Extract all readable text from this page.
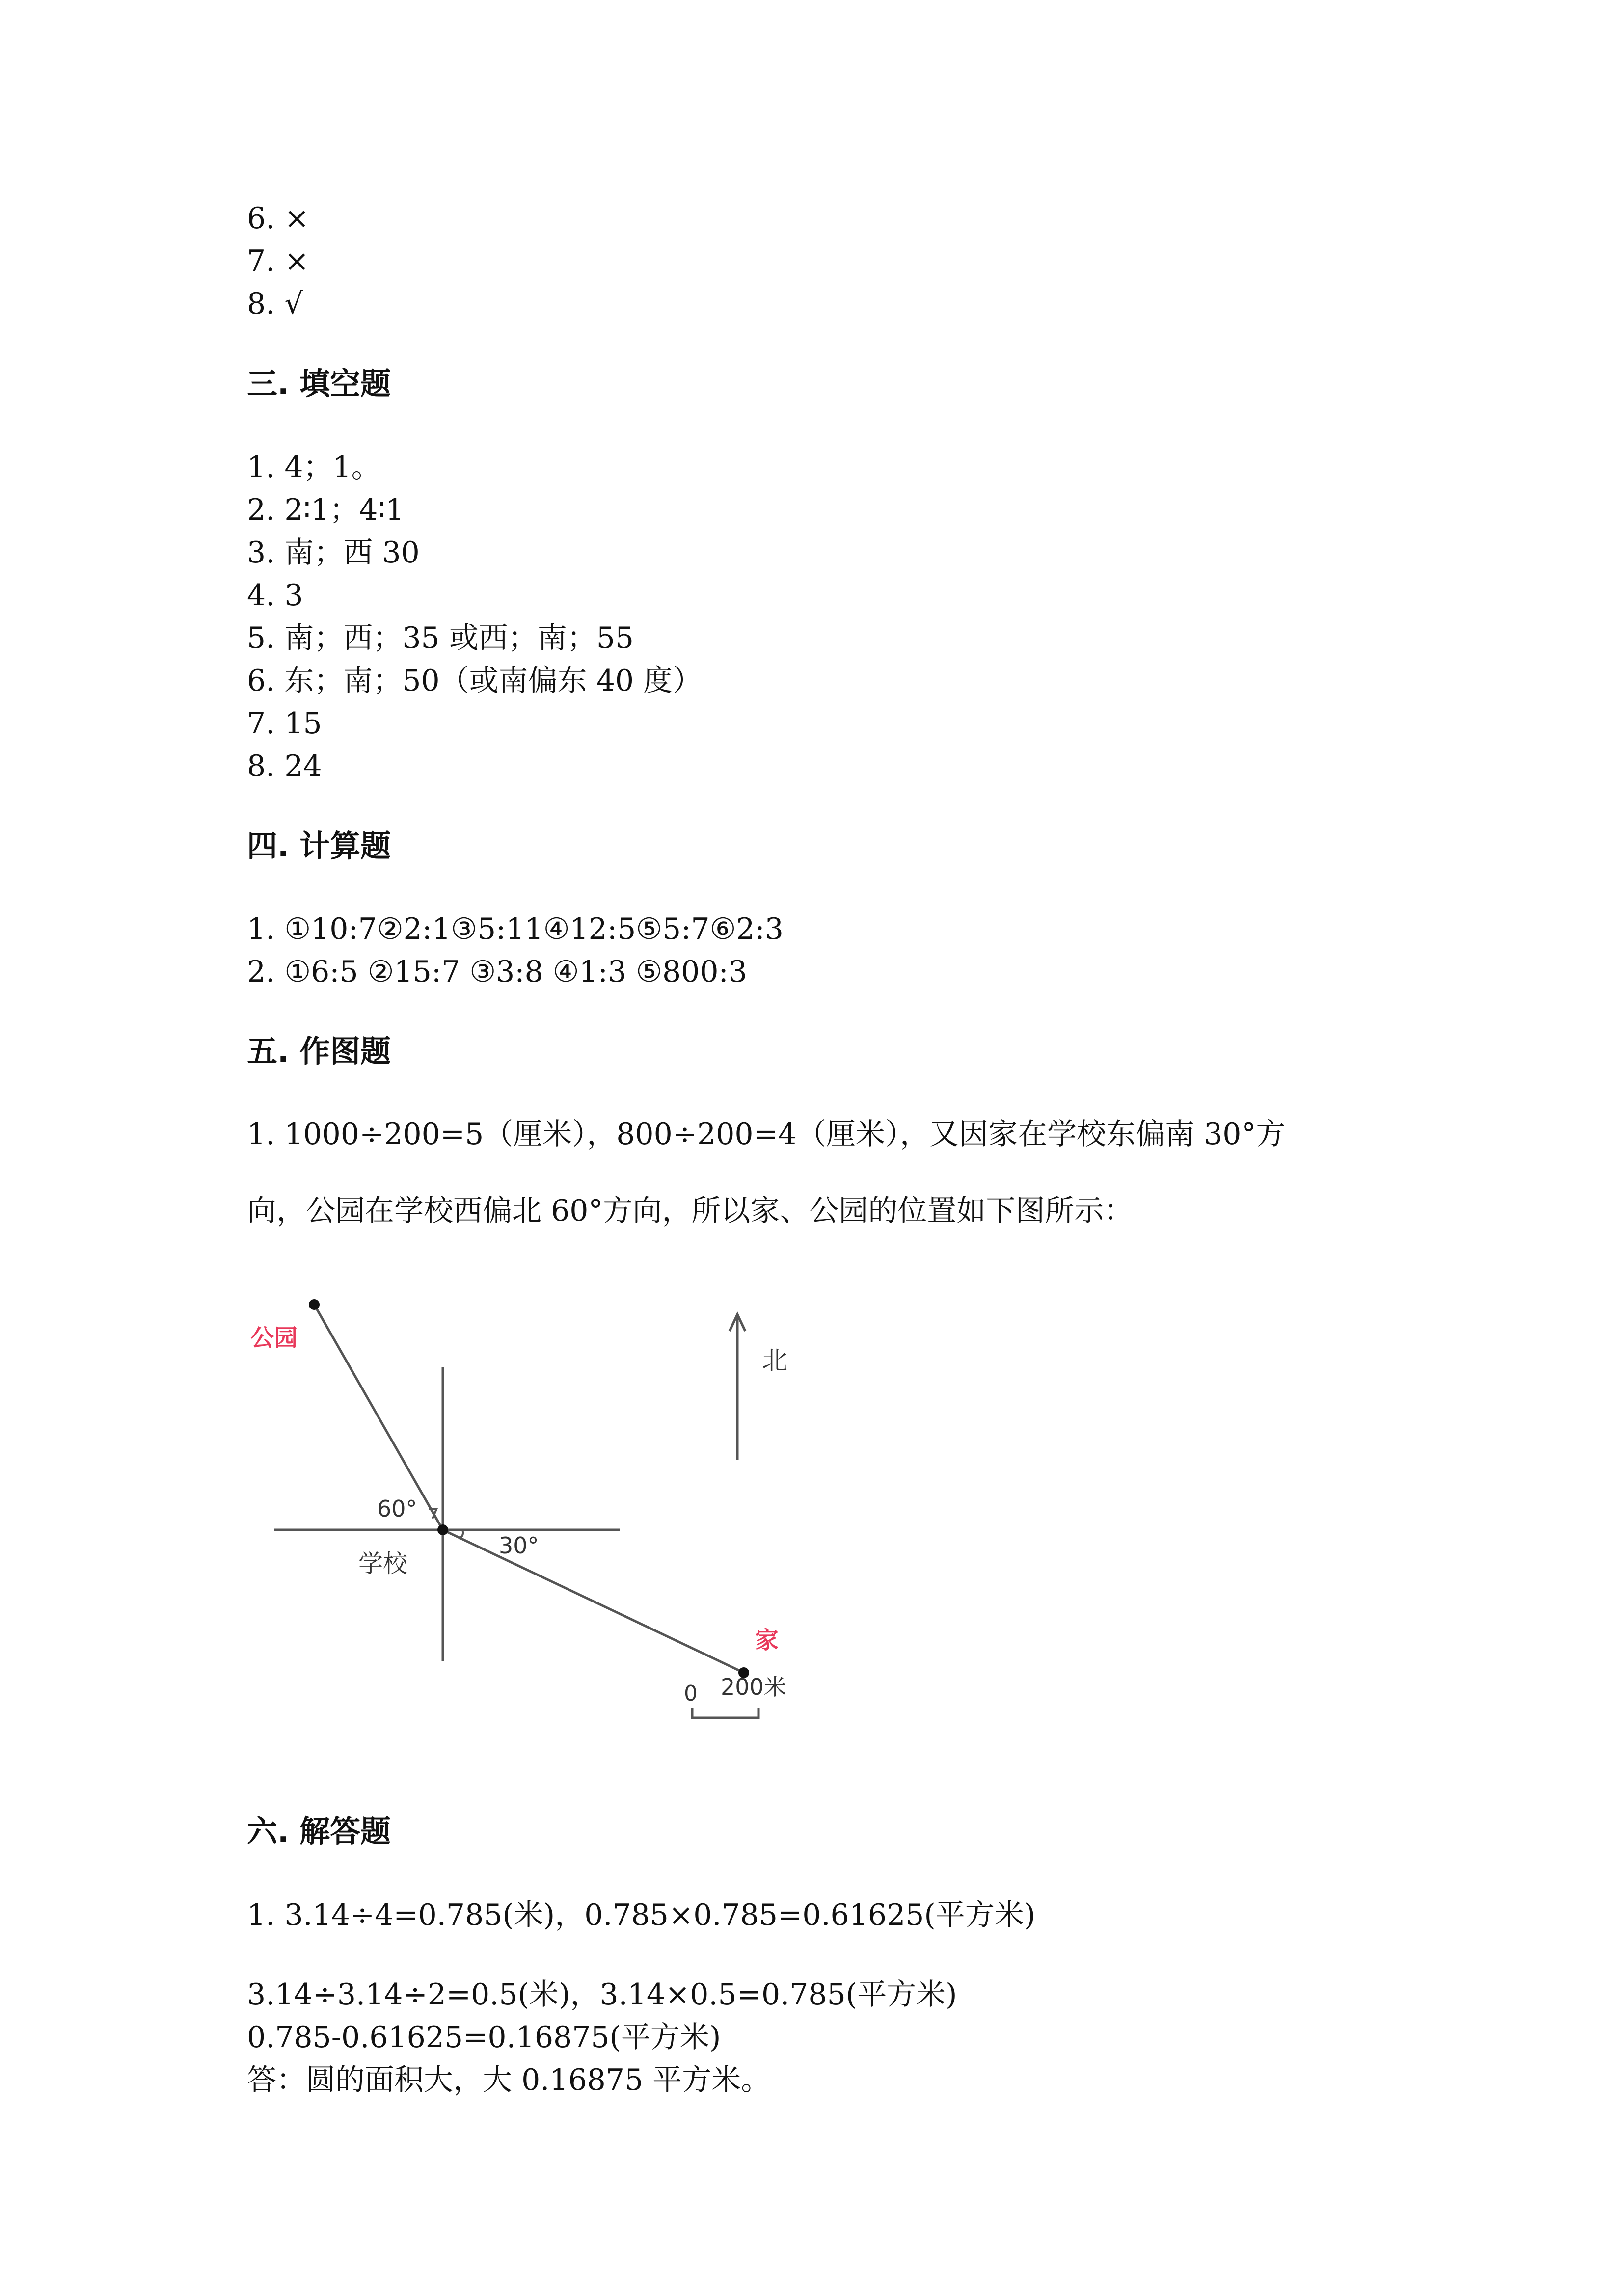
6. ×
7. ×
8. √
三. 填空题
1. 4；1。
2. 2∶1；4∶1
3. 南；西 30
4. 3
5. 南；西；35 或西；南；55
6. 东；南；50（或南偏东 40 度）
7. 15
8. 24
四. 计算题
1. ①10:7②2:1③5:11④12:5⑤5:7⑥2:3
2. ①6:5 ②15:7 ③3:8 ④1:3 ⑤800:3
五. 作图题
1. 1000÷200=5（厘米），800÷200=4（厘米），又因家在学校东偏南 30°方
向，公园在学校西偏北 60°方向，所以家、公园的位置如下图所示：
公园
北
60°
30°
学校
家
0 200米
六. 解答题
1. 3.14÷4=0.785(米)，0.785×0.785=0.61625(平方米)
3.14÷3.14÷2=0.5(米)，3.14×0.5=0.785(平方米)
0.785-0.61625=0.16875(平方米)
答：圆的面积大，大 0.16875 平方米。
